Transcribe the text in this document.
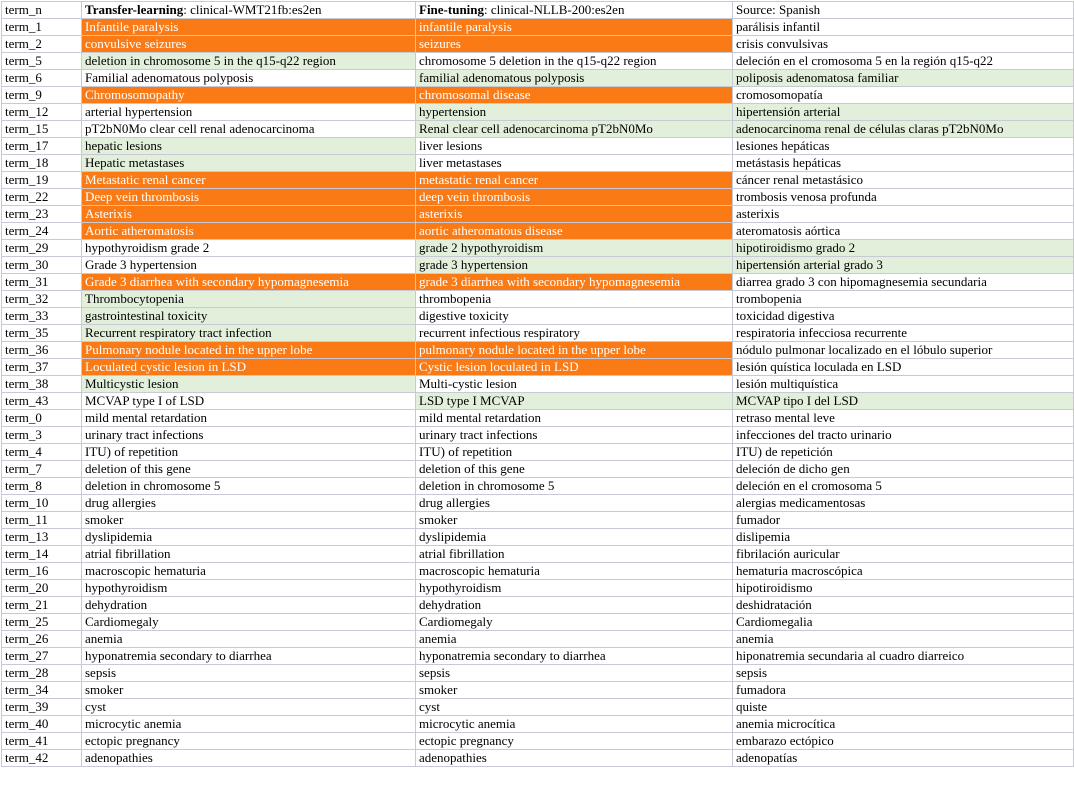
term_n	Transfer-learning: clinical-WMT21fb:es2en	Fine-tuning: clinical-NLLB-200:es2en	Source: Spanish
term_1	Infantile paralysis	infantile paralysis	parálisis infantil
term_2	convulsive seizures	seizures	crisis convulsivas
term_5	deletion in chromosome 5 in the q15-q22 region	chromosome 5 deletion in the q15-q22 region	deleción en el cromosoma 5 en la región q15-q22
term_6	Familial adenomatous polyposis	familial adenomatous polyposis	poliposis adenomatosa familiar
term_9	Chromosomopathy	chromosomal disease	cromosomopatía
term_12	arterial hypertension	hypertension	hipertensión arterial
term_15	pT2bN0Mo clear cell renal adenocarcinoma	Renal clear cell adenocarcinoma pT2bN0Mo	adenocarcinoma renal de células claras pT2bN0Mo
term_17	hepatic lesions	liver lesions	lesiones hepáticas
term_18	Hepatic metastases	liver metastases	metástasis hepáticas
term_19	Metastatic renal cancer	metastatic renal cancer	cáncer renal metastásico
term_22	Deep vein thrombosis	deep vein thrombosis	trombosis venosa profunda
term_23	Asterixis	asterixis	asterixis
term_24	Aortic atheromatosis	aortic atheromatous disease	ateromatosis aórtica
term_29	hypothyroidism grade 2	grade 2 hypothyroidism	hipotiroidismo grado 2
term_30	Grade 3 hypertension	grade 3 hypertension	hipertensión arterial grado 3
term_31	Grade 3 diarrhea with secondary hypomagnesemia	grade 3 diarrhea with secondary hypomagnesemia	diarrea grado 3 con hipomagnesemia secundaria
term_32	Thrombocytopenia	thrombopenia	trombopenia
term_33	gastrointestinal toxicity	digestive toxicity	toxicidad digestiva
term_35	Recurrent respiratory tract infection	recurrent infectious respiratory	respiratoria infecciosa recurrente
term_36	Pulmonary nodule located in the upper lobe	pulmonary nodule located in the upper lobe	nódulo pulmonar localizado en el lóbulo superior
term_37	Loculated cystic lesion in LSD	Cystic lesion loculated in LSD	lesión quística loculada en LSD
term_38	Multicystic lesion	Multi-cystic lesion	lesión multiquística
term_43	MCVAP type I of LSD	LSD type I MCVAP	MCVAP tipo I del LSD
term_0	mild mental retardation	mild mental retardation	retraso mental leve
term_3	urinary tract infections	urinary tract infections	infecciones del tracto urinario
term_4	ITU) of repetition	ITU) of repetition	ITU) de repetición
term_7	deletion of this gene	deletion of this gene	deleción de dicho gen
term_8	deletion in chromosome 5	deletion in chromosome 5	deleción en el cromosoma 5
term_10	drug allergies	drug allergies	alergias medicamentosas
term_11	smoker	smoker	fumador
term_13	dyslipidemia	dyslipidemia	dislipemia
term_14	atrial fibrillation	atrial fibrillation	fibrilación auricular
term_16	macroscopic hematuria	macroscopic hematuria	hematuria macroscópica
term_20	hypothyroidism	hypothyroidism	hipotiroidismo
term_21	dehydration	dehydration	deshidratación
term_25	Cardiomegaly	Cardiomegaly	Cardiomegalia
term_26	anemia	anemia	anemia
term_27	hyponatremia secondary to diarrhea	hyponatremia secondary to diarrhea	hiponatremia secundaria al cuadro diarreico
term_28	sepsis	sepsis	sepsis
term_34	smoker	smoker	fumadora
term_39	cyst	cyst	quiste
term_40	microcytic anemia	microcytic anemia	anemia microcítica
term_41	ectopic pregnancy	ectopic pregnancy	embarazo ectópico
term_42	adenopathies	adenopathies	adenopatías
